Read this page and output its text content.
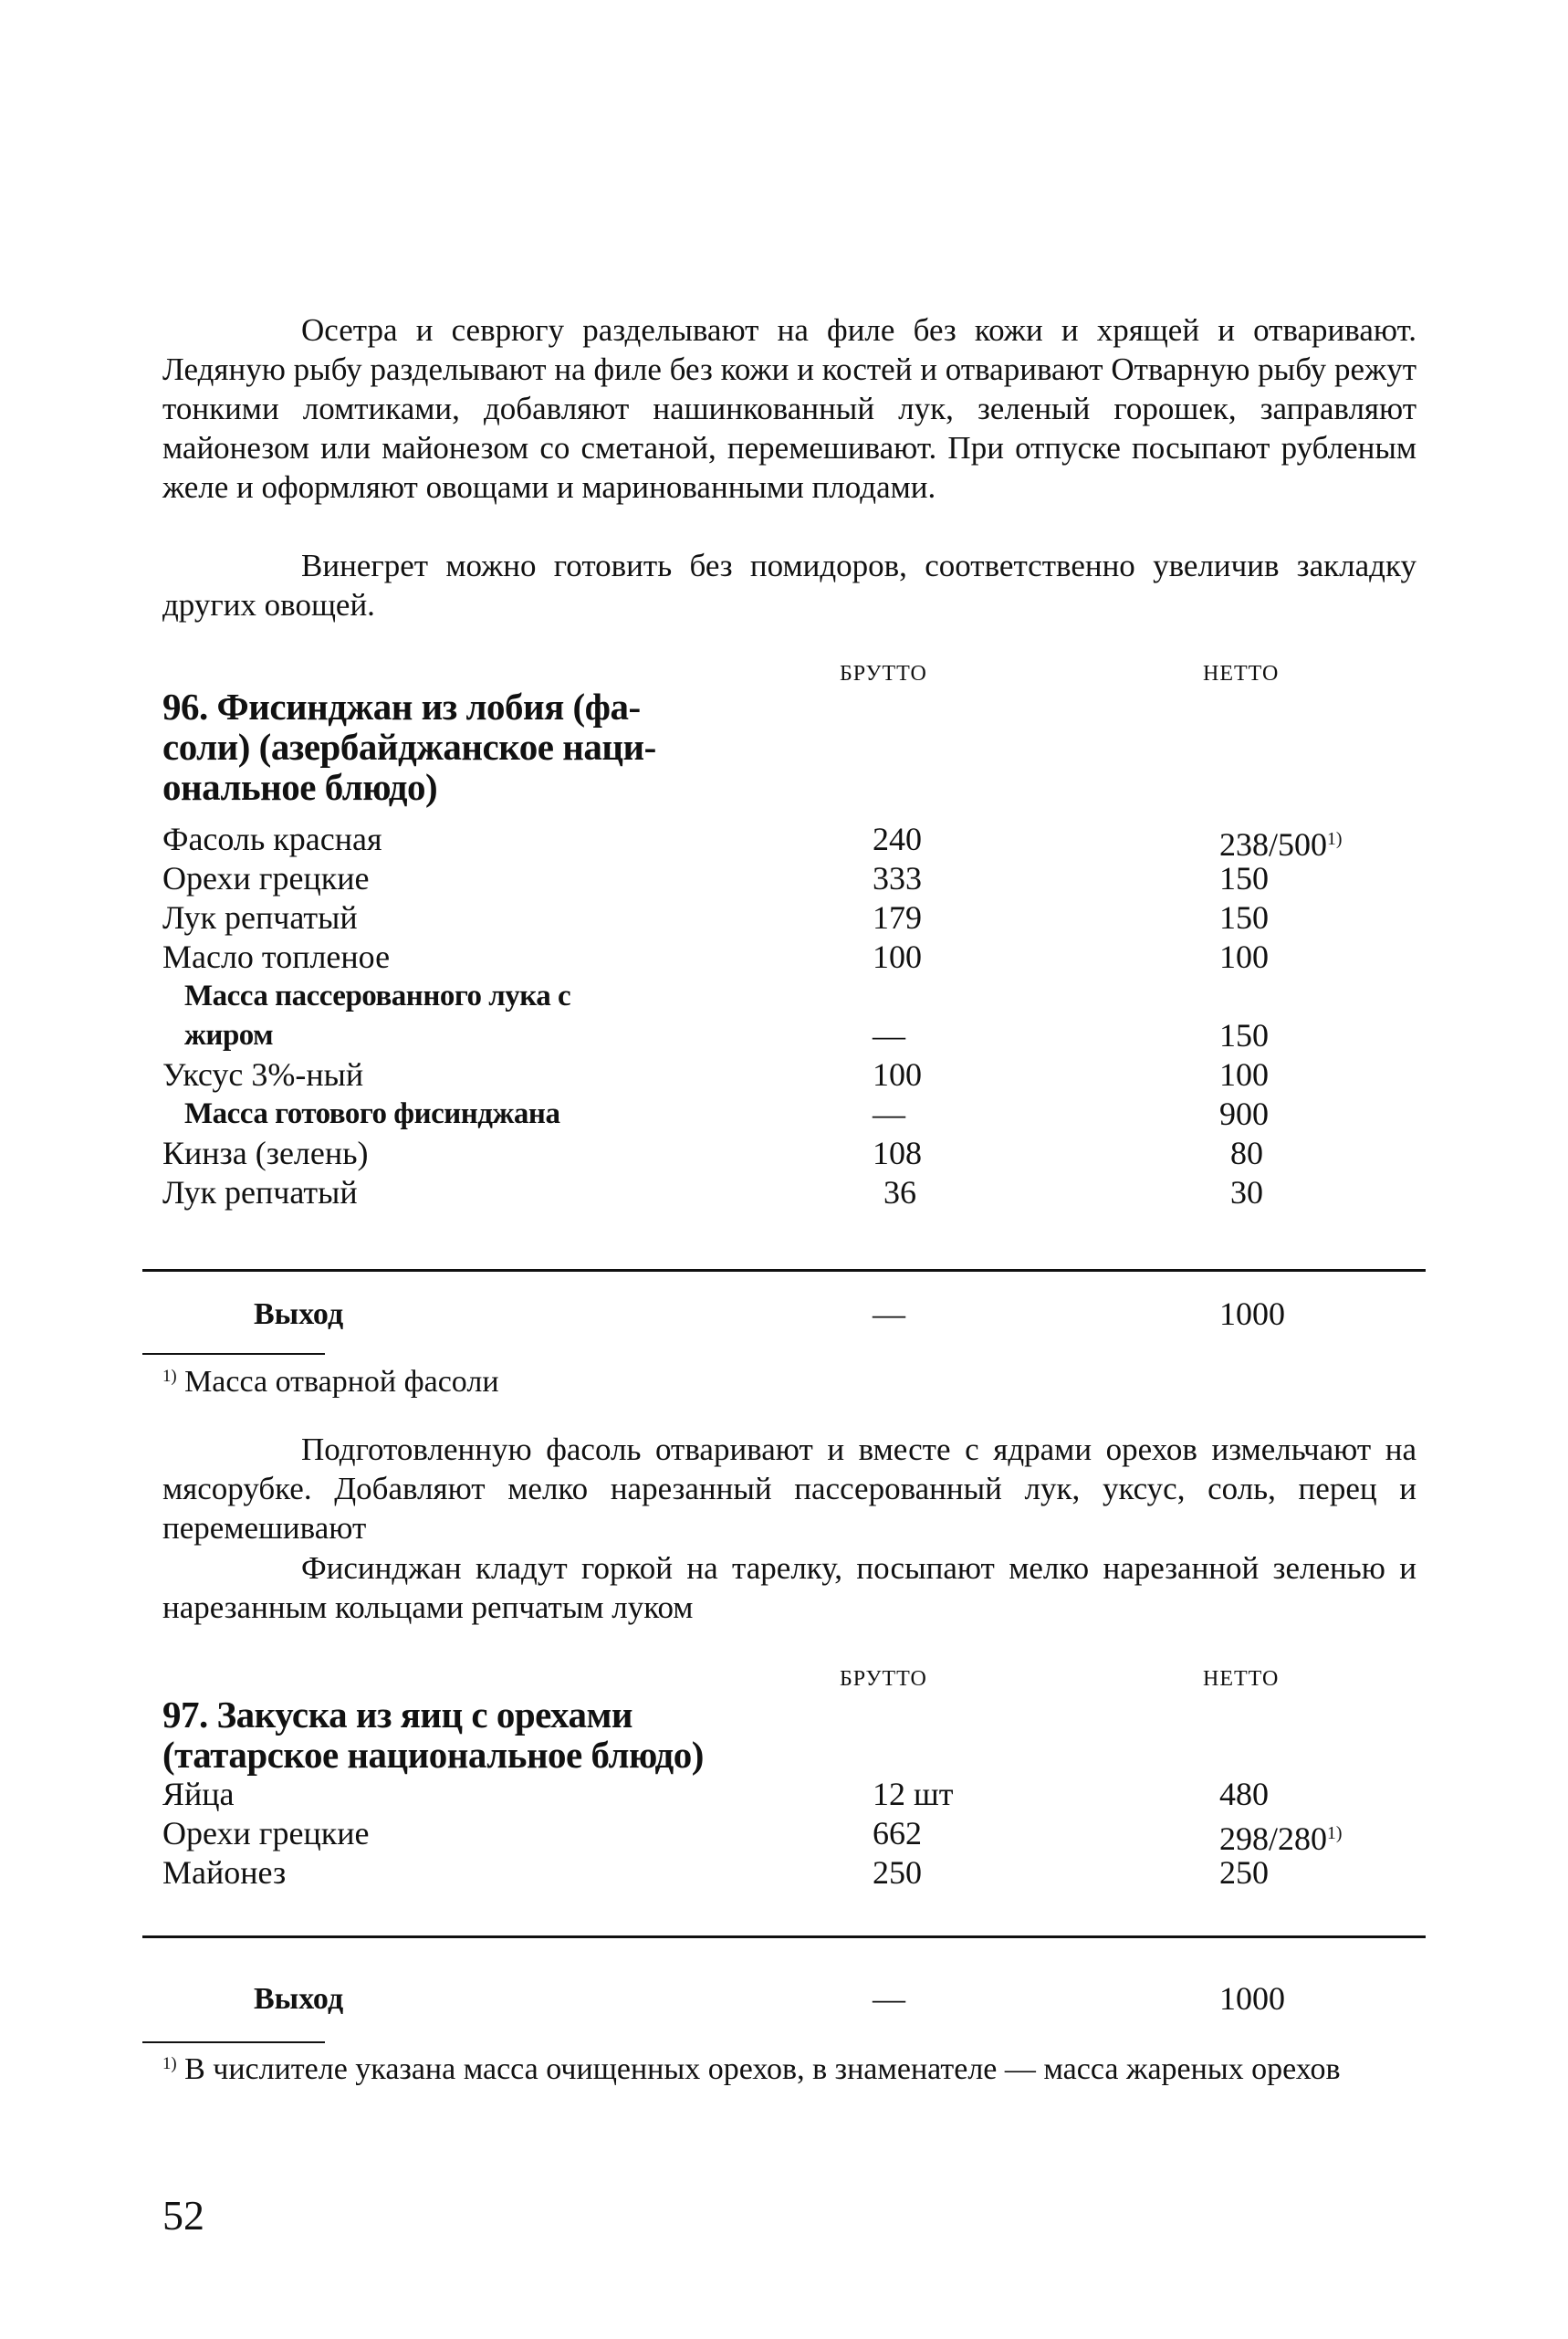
Осетра и севрюгу разделывают на филе без кожи и хрящей и отваривают. Ледяную рыбу разделывают на филе без кожи и костей и отваривают Отварную рыбу режут тонкими ломтиками, добавляют нашинкованный лук, зеленый горошек, заправляют майонезом или майонезом со сметаной, перемешивают. При отпуске посыпают рубленым желе и оформляют овощами и маринованными плодами.
Винегрет можно готовить без помидоров, соответственно увеличив закладку других овощей.
БРУТТО	НЕТТО
96. Фисинджан из лобия (фа-
соли) (азербайджанское наци-
ональное блюдо)
Фасоль красная	240	238/500$^{1)}$
Орехи грецкие	333	150
Лук репчатый	179	150
Масло топленое	100	100
Масса пассерованного лука с
жиром	—	150
Уксус 3%-ный	100	100
Масса готового фисинджана	—	900
Кинза (зелень)	108	80
Лук репчатый	36	30
Выход	—	1000
$^{1)}$ Масса отварной фасоли
Подготовленную фасоль отваривают и вместе с ядрами орехов измельчают на мясорубке. Добавляют мелко нарезанный пассерованный лук, уксус, соль, перец и перемешивают
Фисинджан кладут горкой на тарелку, посыпают мелко нарезанной зеленью и нарезанным кольцами репчатым луком
БРУТТО	НЕТТО
97. Закуска из яиц с орехами
(татарское национальное блюдо)
Яйца	12 шт	480
Орехи грецкие	662	298/280$^{1)}$
Майонез	250	250
Выход	—	1000
$^{1)}$ В числителе указана масса очищенных орехов, в знаменателе — масса жареных орехов
52
